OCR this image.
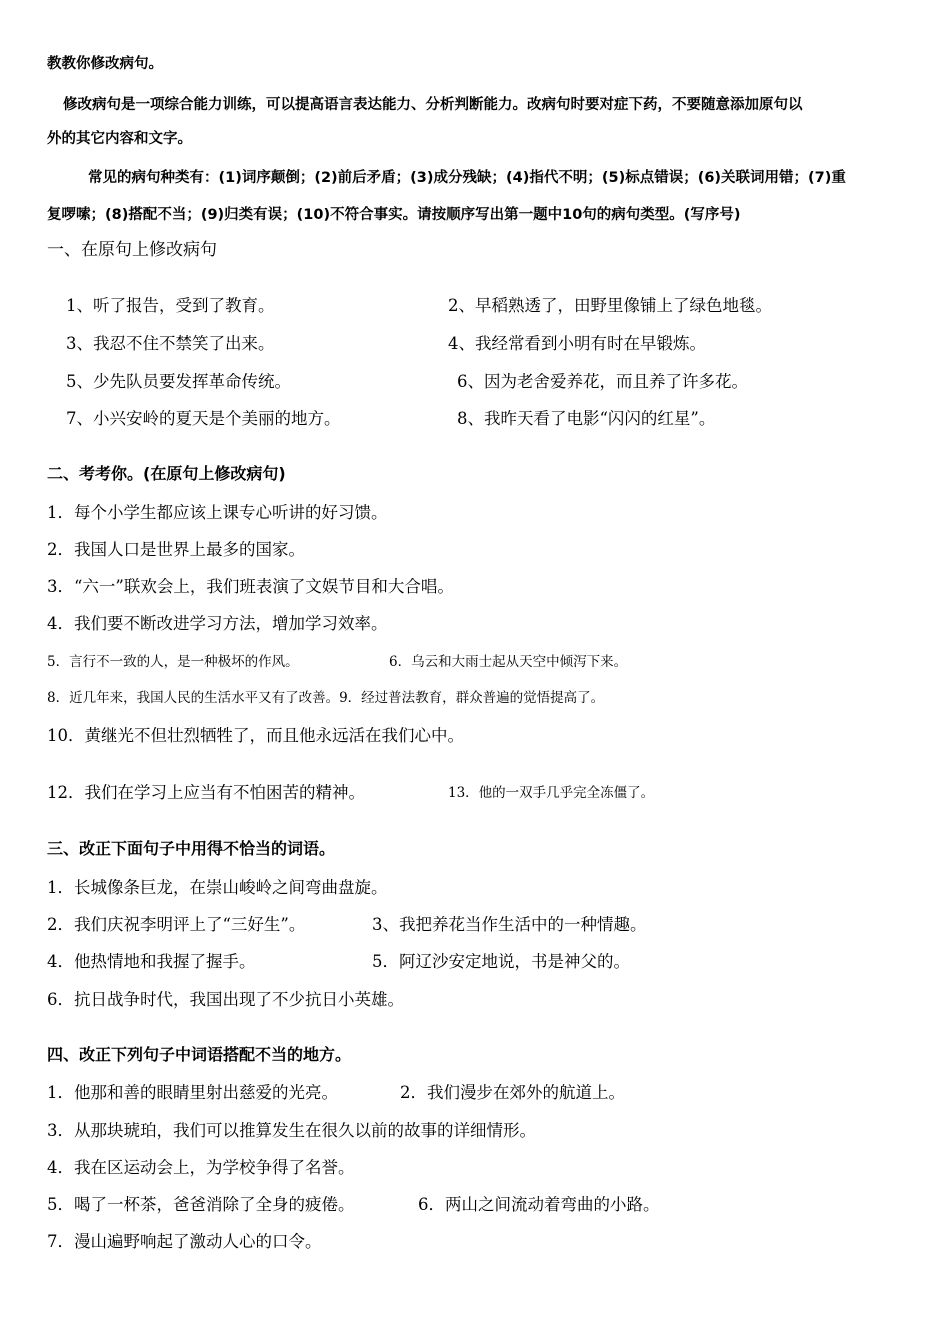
教教你修改病句。
修改病句是一项综合能力训练，可以提高语言表达能力、分析判断能力。改病句时要对症下药，不要随意添加原句以
外的其它内容和文字。
常见的病句种类有：(1)词序颠倒；(2)前后矛盾；(3)成分残缺；(4)指代不明；(5)标点错误；(6)关联词用错；(7)重
复啰嗦；(8)搭配不当；(9)归类有误；(10)不符合事实。请按顺序写出第一题中10句的病句类型。(写序号)
一、在原句上修改病句
1、听了报告，受到了教育。	2、早稻熟透了，田野里像铺上了绿色地毯。
3、我忍不住不禁笑了出来。	4、我经常看到小明有时在早锻炼。
5、少先队员要发挥革命传统。	6、因为老舍爱养花，而且养了许多花。
7、小兴安岭的夏天是个美丽的地方。	8、我昨天看了电影“闪闪的红星”。
二、考考你。(在原句上修改病句)
1．每个小学生都应该上课专心听讲的好习馈。
2．我国人口是世界上最多的国家。
3．“六一”联欢会上，我们班表演了文娱节目和大合唱。
4．我们要不断改进学习方法，增加学习效率。
5．言行不一致的人，是一种极坏的作风。	6．乌云和大雨士起从天空中倾泻下来。
8．近几年来，我国人民的生活水平又有了改善。9．经过普法教育，群众普遍的觉悟提高了。
10．黄继光不但壮烈牺牲了，而且他永远活在我们心中。
12．我们在学习上应当有不怕困苦的精神。	13．他的一双手几乎完全冻僵了。
三、改正下面句子中用得不恰当的词语。
1．长城像条巨龙，在崇山峻岭之间弯曲盘旋。
2．我们庆祝李明评上了“三好生”。	3、我把养花当作生活中的一种情趣。
4．他热情地和我握了握手。	5．阿辽沙安定地说，书是神父的。
6．抗日战争时代，我国出现了不少抗日小英雄。
四、改正下列句子中词语搭配不当的地方。
1．他那和善的眼睛里射出慈爱的光亮。	2．我们漫步在郊外的航道上。
3．从那块琥珀，我们可以推算发生在很久以前的故事的详细情形。
4．我在区运动会上，为学校争得了名誉。
5．喝了一杯茶，爸爸消除了全身的疲倦。	6．两山之间流动着弯曲的小路。
7．漫山遍野响起了激动人心的口令。
